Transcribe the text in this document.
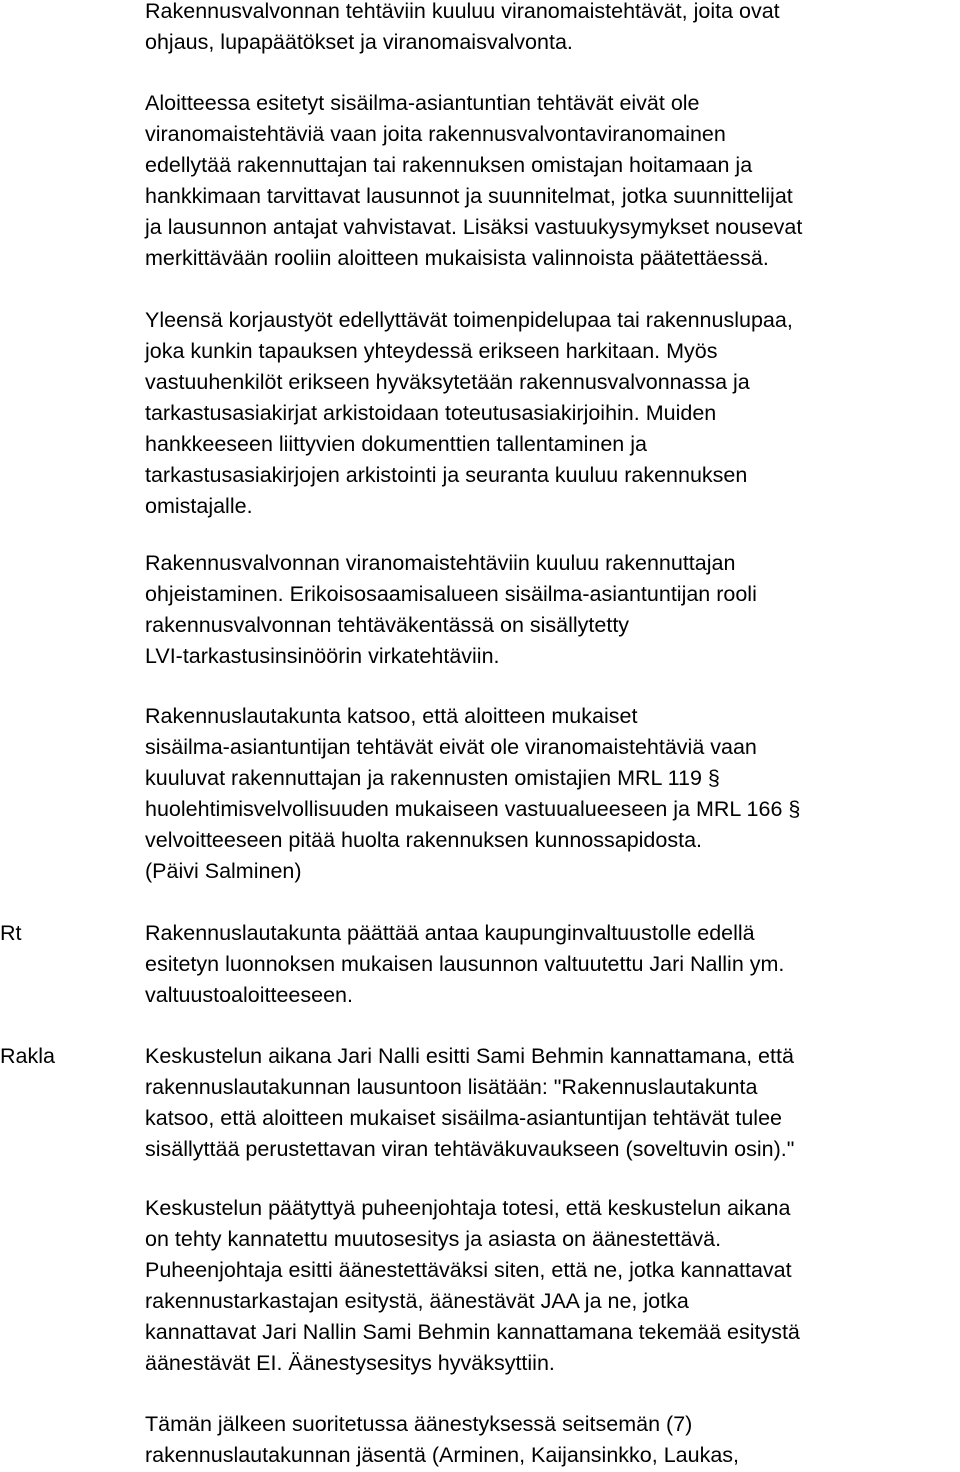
Rakennusvalvonnan tehtäviin kuuluu viranomaistehtävät, joita ovat
ohjaus, lupapäätökset ja viranomaisvalvonta.
Aloitteessa esitetyt sisäilma-asiantuntian tehtävät eivät ole
viranomaistehtäviä vaan joita rakennusvalvontaviranomainen
edellytää rakennuttajan tai rakennuksen omistajan hoitamaan ja
hankkimaan tarvittavat lausunnot ja suunnitelmat, jotka suunnittelijat
ja lausunnon antajat vahvistavat. Lisäksi vastuukysymykset nousevat
merkittävään rooliin aloitteen mukaisista valinnoista päätettäessä.
Yleensä korjaustyöt edellyttävät toimenpidelupaa tai rakennuslupaa,
joka kunkin tapauksen yhteydessä erikseen harkitaan. Myös
vastuuhenkilöt erikseen hyväksytetään rakennusvalvonnassa ja
tarkastusasiakirjat arkistoidaan toteutusasiakirjoihin. Muiden
hankkeeseen liittyvien dokumenttien tallentaminen ja
tarkastusasiakirjojen arkistointi ja seuranta kuuluu rakennuksen
omistajalle.
Rakennusvalvonnan viranomaistehtäviin kuuluu rakennuttajan
ohjeistaminen. Erikoisosaamisalueen sisäilma-asiantuntijan rooli
rakennusvalvonnan tehtäväkentässä on sisällytetty
LVI-tarkastusinsinöörin virkatehtäviin.
Rakennuslautakunta katsoo, että aloitteen mukaiset
sisäilma-asiantuntijan tehtävät eivät ole viranomaistehtäviä vaan
kuuluvat rakennuttajan ja rakennusten omistajien MRL 119 §
huolehtimisvelvollisuuden mukaiseen vastuualueeseen ja MRL 166 §
velvoitteeseen pitää huolta rakennuksen kunnossapidosta.
(Päivi Salminen)
Rt	Rakennuslautakunta päättää antaa kaupunginvaltuustolle edellä
esitetyn luonnoksen mukaisen lausunnon valtuutettu Jari Nallin ym.
valtuustoaloitteeseen.
Rakla	Keskustelun aikana Jari Nalli esitti Sami Behmin kannattamana, että
rakennuslautakunnan lausuntoon lisätään: "Rakennuslautakunta
katsoo, että aloitteen mukaiset sisäilma-asiantuntijan tehtävät tulee
sisällyttää perustettavan viran tehtäväkuvaukseen (soveltuvin osin)."
Keskustelun päätyttyä puheenjohtaja totesi, että keskustelun aikana
on tehty kannatettu muutosesitys ja asiasta on äänestettävä.
Puheenjohtaja esitti äänestettäväksi siten, että ne, jotka kannattavat
rakennustarkastajan esitystä, äänestävät JAA ja ne, jotka
kannattavat Jari Nallin Sami Behmin kannattamana tekemää esitystä
äänestävät EI. Äänestysesitys hyväksyttiin.
Tämän jälkeen suoritetussa äänestyksessä seitsemän (7)
rakennuslautakunnan jäsentä (Arminen, Kaijansinkko, Laukas,
